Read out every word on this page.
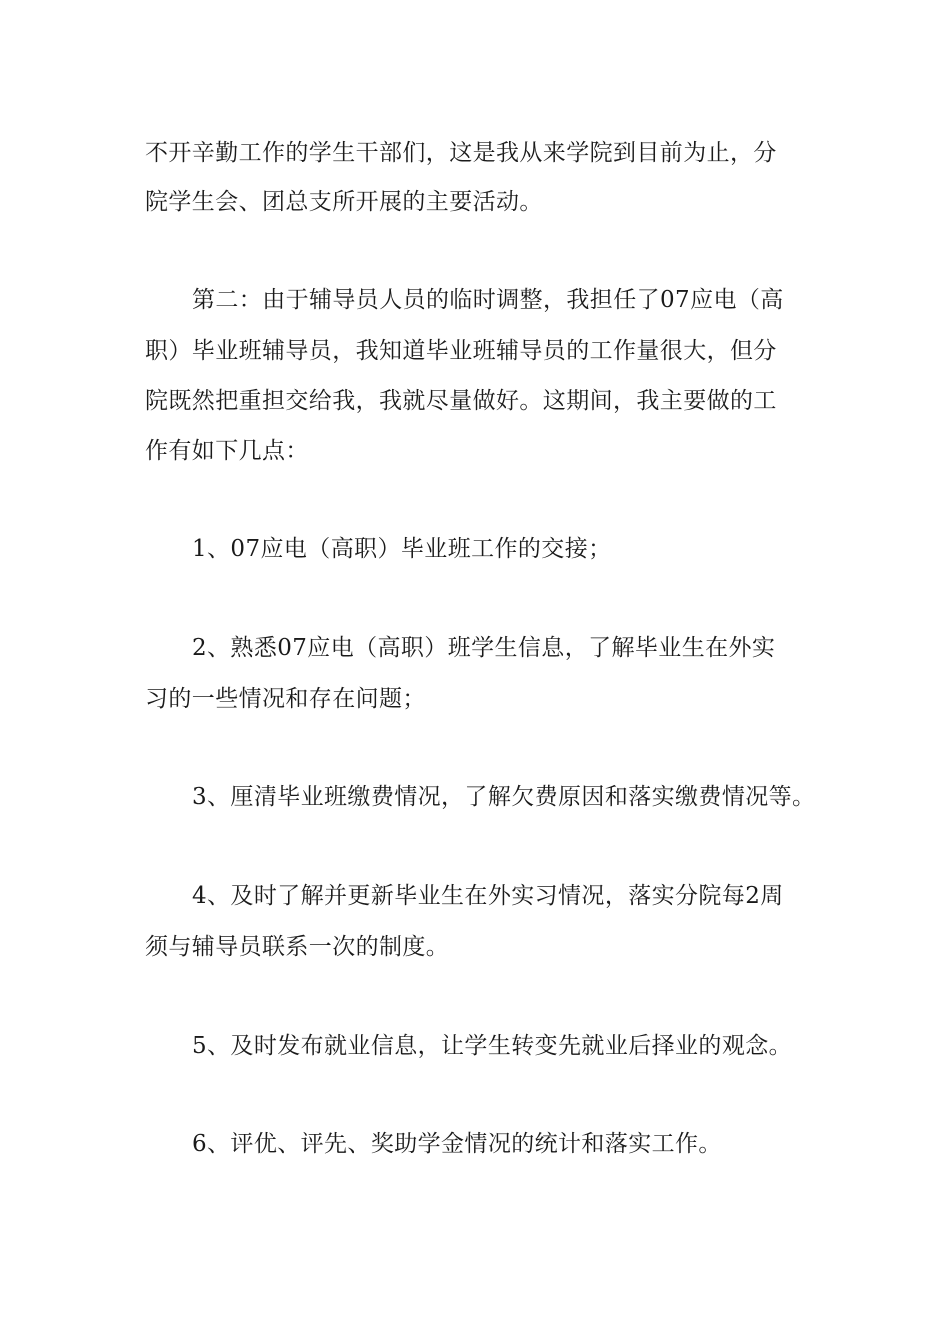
不开辛勤工作的学生干部们，这是我从来学院到目前为止，分

院学生会、团总支所开展的主要活动。

第二：由于辅导员人员的临时调整，我担任了07应电（高

职）毕业班辅导员，我知道毕业班辅导员的工作量很大，但分

院既然把重担交给我，我就尽量做好。这期间，我主要做的工

作有如下几点：

1、07应电（高职）毕业班工作的交接；

2、熟悉07应电（高职）班学生信息，了解毕业生在外实

习的一些情况和存在问题；

3、厘清毕业班缴费情况，了解欠费原因和落实缴费情况等。

4、及时了解并更新毕业生在外实习情况，落实分院每2周

须与辅导员联系一次的制度。

5、及时发布就业信息，让学生转变先就业后择业的观念。

6、评优、评先、奖助学金情况的统计和落实工作。
